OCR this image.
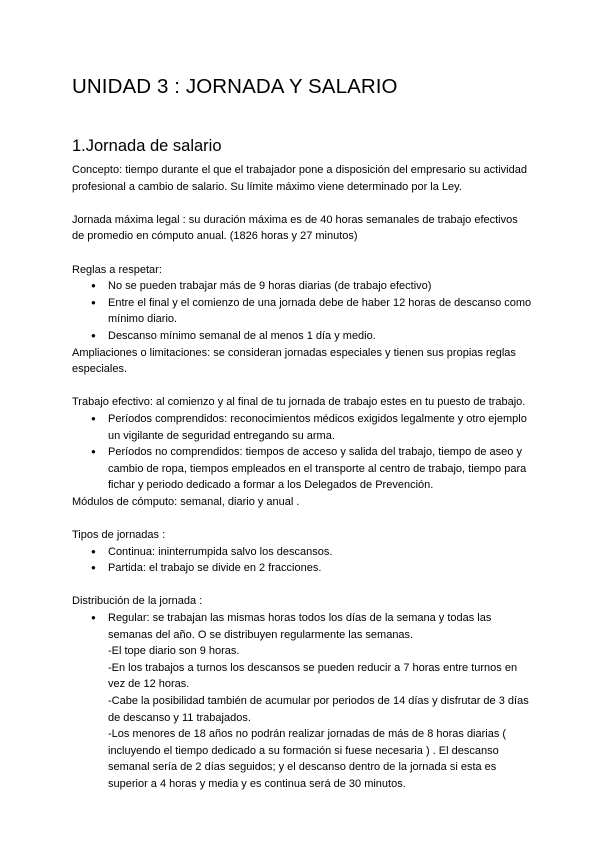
UNIDAD 3 : JORNADA Y SALARIO
1.Jornada de salario

Concepto: tiempo durante el que el trabajador pone a disposición del empresario su actividad profesional a cambio de salario. Su límite máximo viene determinado por la Ley.

Jornada máxima legal : su duración máxima es de 40 horas semanales de trabajo efectivos de promedio en cómputo anual. (1826 horas y 27 minutos)

Reglas a respetar:

● No se pueden trabajar más de 9 horas diarias (de trabajo efectivo)
● Entre el final y el comienzo de una jornada debe de haber 12 horas de descanso como mínimo diario.
● Descanso mínimo semanal de al menos 1 día y medio.

Ampliaciones o limitaciones: se consideran jornadas especiales y tienen sus propias reglas especiales.

Trabajo efectivo: al comienzo y al final de tu jornada de trabajo estes en tu puesto de trabajo.

● Períodos comprendidos: reconocimientos médicos exigidos legalmente y otro ejemplo un vigilante de seguridad entregando su arma.
● Períodos no comprendidos: tiempos de acceso y salida del trabajo, tiempo de aseo y cambio de ropa, tiempos empleados en el transporte al centro de trabajo, tiempo para fichar y periodo dedicado a formar a los Delegados de Prevención.

Módulos de cómputo: semanal, diario y anual .

Tipos de jornadas :

● Continua: ininterrumpida salvo los descansos.
● Partida: el trabajo se divide en 2 fracciones.

Distribución de la jornada :

● Regular: se trabajan las mismas horas todos los días de la semana y todas las semanas del año. O se distribuyen regularmente las semanas.
-El tope diario son 9 horas.
-En los trabajos a turnos los descansos se pueden reducir a 7 horas entre turnos en vez de 12 horas.
-Cabe la posibilidad también de acumular por periodos de 14 días y disfrutar de 3 días de descanso y 11 trabajados.
-Los menores de 18 años no podrán realizar jornadas de más de 8 horas diarias ( incluyendo el tiempo dedicado a su formación si fuese necesaria ) . El descanso semanal sería de 2 días seguidos; y el descanso dentro de la jornada si esta es superior a 4 horas y media y es continua será de 30 minutos.
